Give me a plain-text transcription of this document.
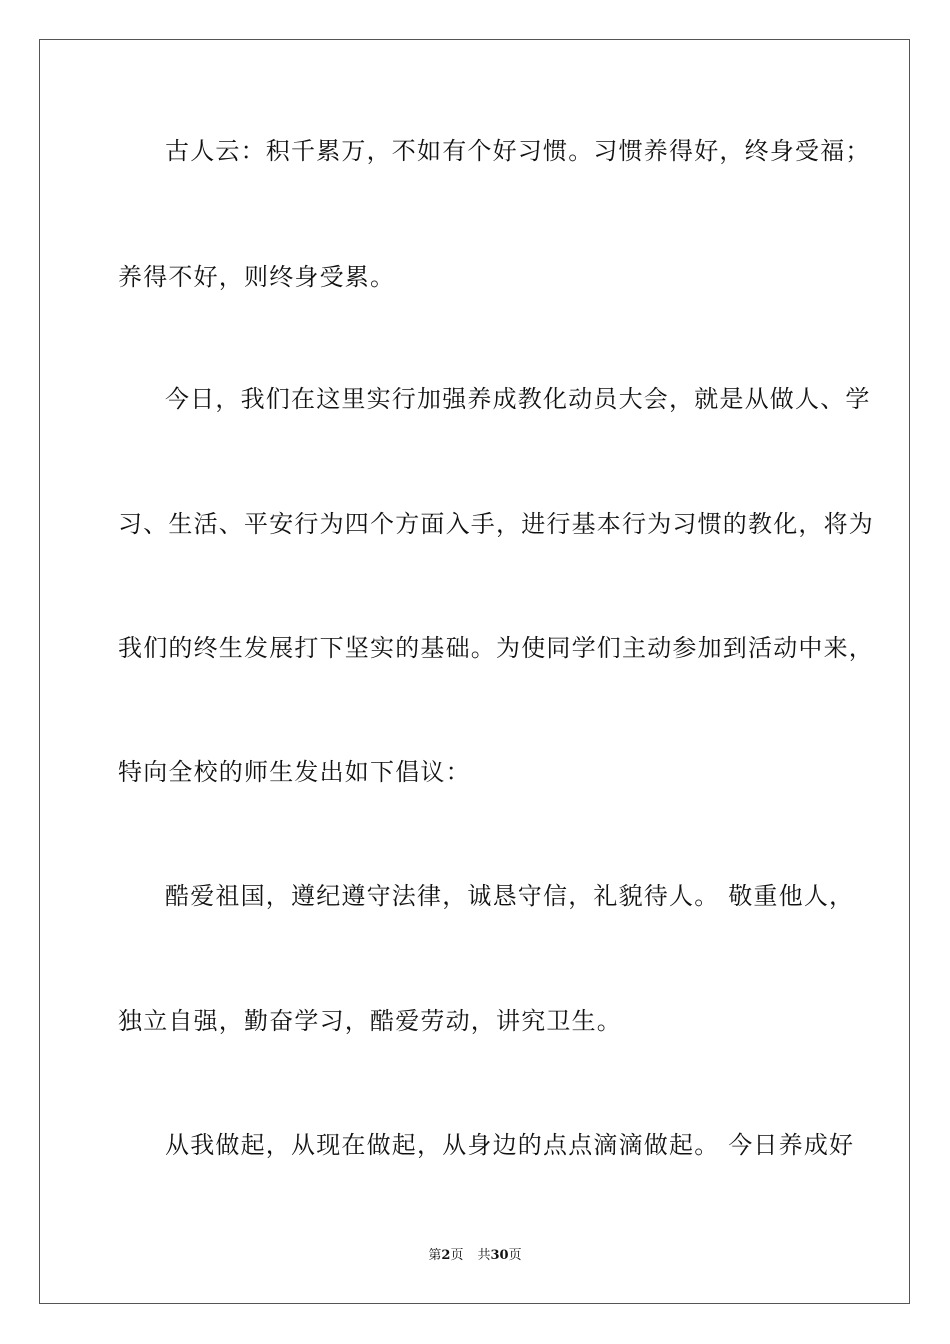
古人云：积千累万，不如有个好习惯。习惯养得好，终身受福；
养得不好，则终身受累。
今日，我们在这里实行加强养成教化动员大会，就是从做人、学
习、生活、平安行为四个方面入手，进行基本行为习惯的教化，将为
我们的终生发展打下坚实的基础。为使同学们主动参加到活动中来，
特向全校的师生发出如下倡议：
酷爱祖国，遵纪遵守法律，诚恳守信，礼貌待人。 敬重他人，
独立自强，勤奋学习，酷爱劳动，讲究卫生。
从我做起，从现在做起，从身边的点点滴滴做起。 今日养成好
第2页 共30页
